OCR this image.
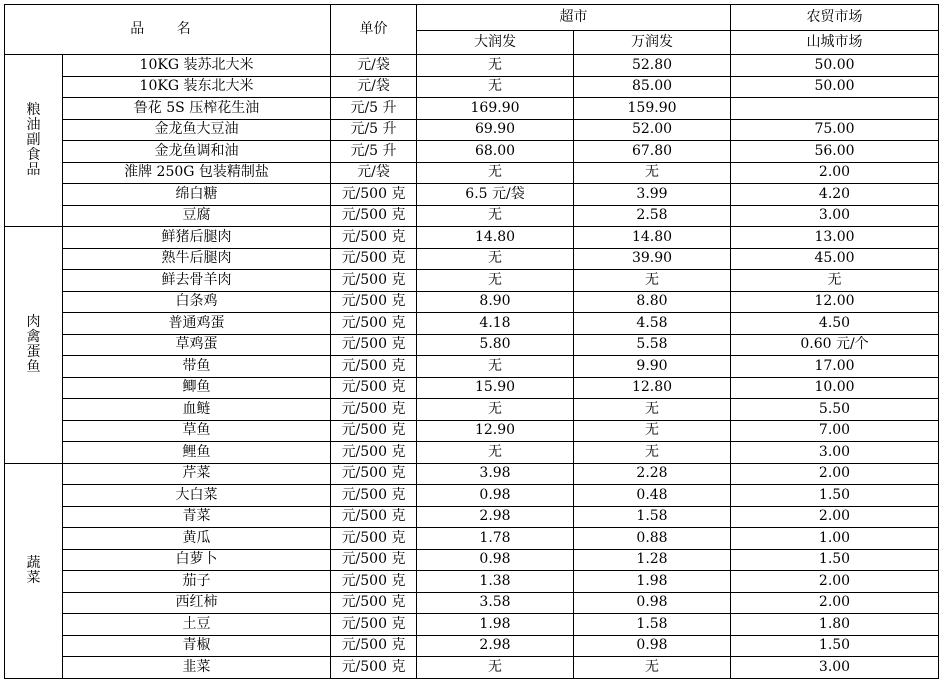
品 名		单价	超市		农贸市场
			大润发	万润发	山城市场

粮
油
副
食
品	10KG 装苏北大米	元/袋	无	52.80	50.00
	10KG 装东北大米	元/袋	无	85.00	50.00
	鲁花 5S 压榨花生油	元/5 升	169.90	159.90	
	金龙鱼大豆油	元/5 升	69.90	52.00	75.00
	金龙鱼调和油	元/5 升	68.00	67.80	56.00
	淮牌 250G 包装精制盐	元/袋	无	无	2.00
	绵白糖	元/500 克	6.5 元/袋	3.99	4.20
	豆腐	元/500 克	无	2.58	3.00

肉
禽
蛋
鱼	鲜猪后腿肉	元/500 克	14.80	14.80	13.00
	熟牛后腿肉	元/500 克	无	39.90	45.00
	鲜去骨羊肉	元/500 克	无	无	无
	白条鸡	元/500 克	8.90	8.80	12.00
	普通鸡蛋	元/500 克	4.18	4.58	4.50
	草鸡蛋	元/500 克	5.80	5.58	0.60 元/个
	带鱼	元/500 克	无	9.90	17.00
	鲫鱼	元/500 克	15.90	12.80	10.00
	血鲢	元/500 克	无	无	5.50
	草鱼	元/500 克	12.90	无	7.00
	鲤鱼	元/500 克	无	无	3.00

蔬
菜	芹菜	元/500 克	3.98	2.28	2.00
	大白菜	元/500 克	0.98	0.48	1.50
	青菜	元/500 克	2.98	1.58	2.00
	黄瓜	元/500 克	1.78	0.88	1.00
	白萝卜	元/500 克	0.98	1.28	1.50
	茄子	元/500 克	1.38	1.98	2.00
	西红柿	元/500 克	3.58	0.98	2.00
	土豆	元/500 克	1.98	1.58	1.80
	青椒	元/500 克	2.98	0.98	1.50
	韭菜	元/500 克	无	无	3.00
